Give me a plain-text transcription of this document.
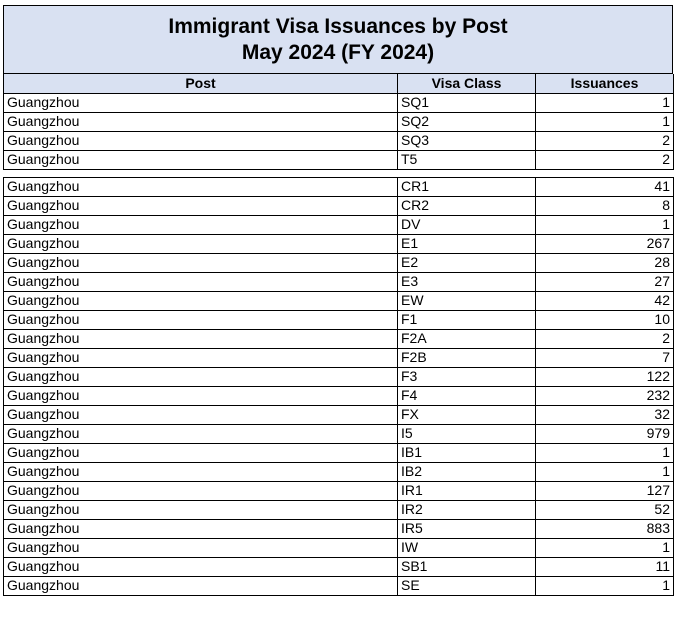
Immigrant Visa Issuances by Post
May 2024 (FY 2024)
Post	Visa Class	Issuances
Guangzhou	SQ1	1
Guangzhou	SQ2	1
Guangzhou	SQ3	2
Guangzhou	T5	2
Guangzhou	CR1	41
Guangzhou	CR2	8
Guangzhou	DV	1
Guangzhou	E1	267
Guangzhou	E2	28
Guangzhou	E3	27
Guangzhou	EW	42
Guangzhou	F1	10
Guangzhou	F2A	2
Guangzhou	F2B	7
Guangzhou	F3	122
Guangzhou	F4	232
Guangzhou	FX	32
Guangzhou	I5	979
Guangzhou	IB1	1
Guangzhou	IB2	1
Guangzhou	IR1	127
Guangzhou	IR2	52
Guangzhou	IR5	883
Guangzhou	IW	1
Guangzhou	SB1	11
Guangzhou	SE	1
